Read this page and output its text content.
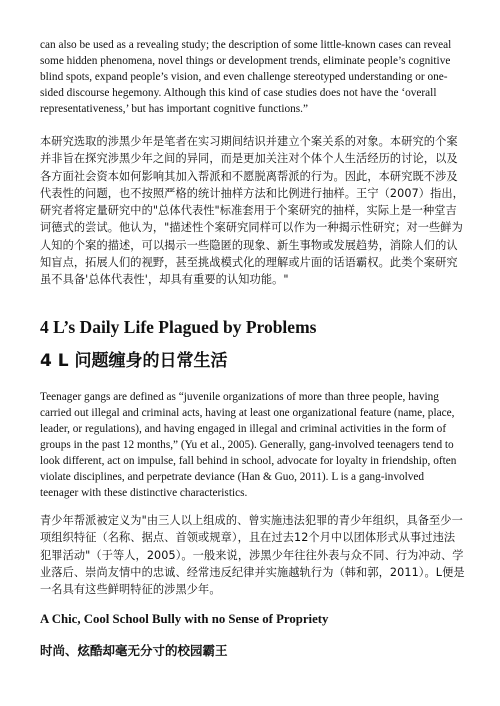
can also be used as a revealing study; the description of some little-known cases can reveal some hidden phenomena, novel things or development trends, eliminate people’s cognitive blind spots, expand people’s vision, and even challenge stereotyped understanding or one-sided discourse hegemony. Although this kind of case studies does not have the ‘overall representativeness,’ but has important cognitive functions.”

本研究选取的涉黑少年是笔者在实习期间结识并建立个案关系的对象。本研究的个案并非旨在探究涉黑少年之间的异同，而是更加关注对个体个人生活经历的讨论，以及各方面社会资本如何影响其加入帮派和不愿脱离帮派的行为。因此，本研究既不涉及代表性的问题，也不按照严格的统计抽样方法和比例进行抽样。王宁（2007）指出，研究者将定量研究中的"总体代表性"标准套用于个案研究的抽样，实际上是一种堂吉诃德式的尝试。他认为，"描述性个案研究同样可以作为一种揭示性研究；对一些鲜为人知的个案的描述，可以揭示一些隐匿的现象、新生事物或发展趋势，消除人们的认知盲点，拓展人们的视野，甚至挑战模式化的理解或片面的话语霸权。此类个案研究虽不具备'总体代表性'，却具有重要的认知功能。"

4 L’s Daily Life Plagued by Problems
4 L 问题缠身的日常生活

Teenager gangs are defined as “juvenile organizations of more than three people, having carried out illegal and criminal acts, having at least one organizational feature (name, place, leader, or regulations), and having engaged in illegal and criminal activities in the form of groups in the past 12 months,” (Yu et al., 2005). Generally, gang-involved teenagers tend to look different, act on impulse, fall behind in school, advocate for loyalty in friendship, often violate disciplines, and perpetrate deviance (Han & Guo, 2011). L is a gang-involved teenager with these distinctive characteristics.

青少年帮派被定义为"由三人以上组成的、曾实施违法犯罪的青少年组织，具备至少一项组织特征（名称、据点、首领或规章），且在过去12个月中以团体形式从事过违法犯罪活动"（于等人，2005）。一般来说，涉黑少年往往外表与众不同、行为冲动、学业落后、崇尚友情中的忠诚、经常违反纪律并实施越轨行为（韩和郭，2011）。L便是一名具有这些鲜明特征的涉黑少年。

A Chic, Cool School Bully with no Sense of Propriety
时尚、炫酷却毫无分寸的校园霸王
